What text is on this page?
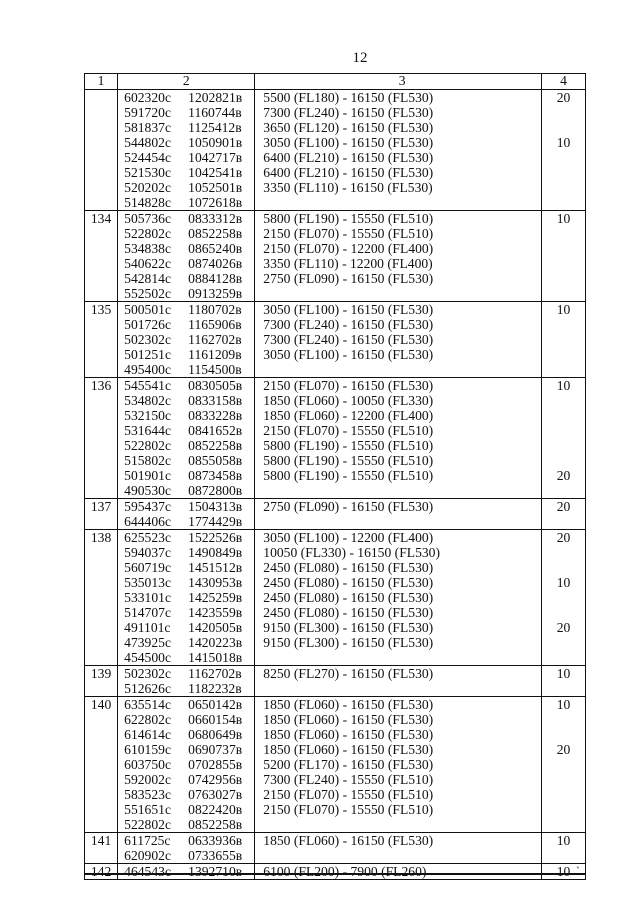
12
1	2	3	4
	602320с 1202821в	5500 (FL180) - 16150 (FL530)	20
	591720с 1160744в	7300 (FL240) - 16150 (FL530)	
	581837с 1125412в	3650 (FL120) - 16150 (FL530)	
	544802с 1050901в	3050 (FL100) - 16150 (FL530)	10
	524454с 1042717в	6400 (FL210) - 16150 (FL530)	
	521530с 1042541в	6400 (FL210) - 16150 (FL530)	
	520202с 1052501в	3350 (FL110) - 16150 (FL530)	
	514828с 1072618в		
134	505736с 0833312в	5800 (FL190) - 15550 (FL510)	10
	522802с 0852258в	2150 (FL070) - 15550 (FL510)	
	534838с 0865240в	2150 (FL070) - 12200 (FL400)	
	540622с 0874026в	3350 (FL110) - 12200 (FL400)	
	542814с 0884128в	2750 (FL090) - 16150 (FL530)	
	552502с 0913259в		
135	500501с 1180702в	3050 (FL100) - 16150 (FL530)	10
	501726с 1165906в	7300 (FL240) - 16150 (FL530)	
	502302с 1162702в	7300 (FL240) - 16150 (FL530)	
	501251с 1161209в	3050 (FL100) - 16150 (FL530)	
	495400с 1154500в		
136	545541с 0830505в	2150 (FL070) - 16150 (FL530)	10
	534802с 0833158в	1850 (FL060) - 10050 (FL330)	
	532150с 0833228в	1850 (FL060) - 12200 (FL400)	
	531644с 0841652в	2150 (FL070) - 15550 (FL510)	
	522802с 0852258в	5800 (FL190) - 15550 (FL510)	
	515802с 0855058в	5800 (FL190) - 15550 (FL510)	
	501901с 0873458в	5800 (FL190) - 15550 (FL510)	20
	490530с 0872800в		
137	595437с 1504313в	2750 (FL090) - 16150 (FL530)	20
	644406с 1774429в		
138	625523с 1522526в	3050 (FL100) - 12200 (FL400)	20
	594037с 1490849в	10050 (FL330) - 16150 (FL530)	
	560719с 1451512в	2450 (FL080) - 16150 (FL530)	
	535013с 1430953в	2450 (FL080) - 16150 (FL530)	10
	533101с 1425259в	2450 (FL080) - 16150 (FL530)	
	514707с 1423559в	2450 (FL080) - 16150 (FL530)	
	491101с 1420505в	9150 (FL300) - 16150 (FL530)	20
	473925с 1420223в	9150 (FL300) - 16150 (FL530)	
	454500с 1415018в		
139	502302с 1162702в	8250 (FL270) - 16150 (FL530)	10
	512626с 1182232в		
140	635514с 0650142в	1850 (FL060) - 16150 (FL530)	10
	622802с 0660154в	1850 (FL060) - 16150 (FL530)	
	614614с 0680649в	1850 (FL060) - 16150 (FL530)	
	610159с 0690737в	1850 (FL060) - 16150 (FL530)	20
	603750с 0702855в	5200 (FL170) - 16150 (FL530)	
	592002с 0742956в	7300 (FL240) - 15550 (FL510)	
	583523с 0763027в	2150 (FL070) - 15550 (FL510)	
	551651с 0822420в	2150 (FL070) - 15550 (FL510)	
	522802с 0852258в		
141	611725с 0633936в	1850 (FL060) - 16150 (FL530)	10
	620902с 0733655в		
142	464543с 1392710в	6100 (FL200) - 7900 (FL260)	10
ˎ
